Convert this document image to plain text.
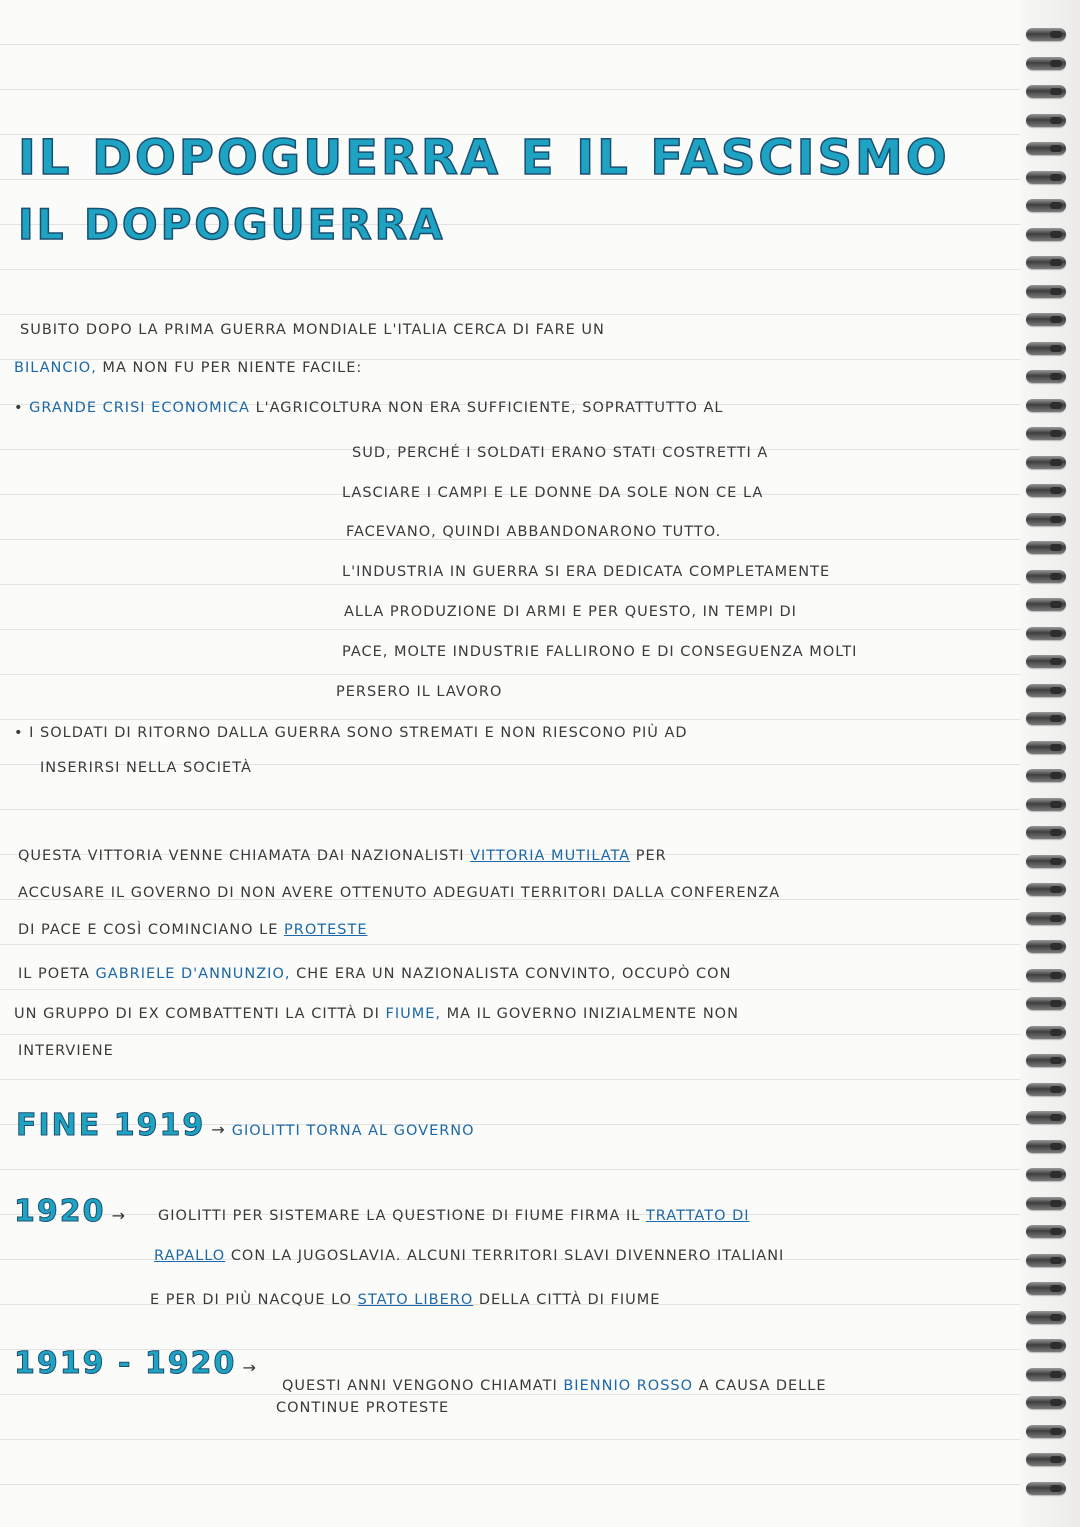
IL DOPOGUERRA E IL FASCISMO
IL DOPOGUERRA

SUBITO DOPO LA PRIMA GUERRA MONDIALE L'ITALIA CERCA DI FARE UN

BILANCIO, MA NON FU PER NIENTE FACILE:

• GRANDE CRISI ECONOMICA L'AGRICOLTURA NON ERA SUFFICIENTE, SOPRATTUTTO AL

SUD, PERCHÉ I SOLDATI ERANO STATI COSTRETTI A

LASCIARE I CAMPI E LE DONNE DA SOLE NON CE LA

FACEVANO, QUINDI ABBANDONARONO TUTTO.

L'INDUSTRIA IN GUERRA SI ERA DEDICATA COMPLETAMENTE

ALLA PRODUZIONE DI ARMI E PER QUESTO, IN TEMPI DI

PACE, MOLTE INDUSTRIE FALLIRONO E DI CONSEGUENZA MOLTI

PERSERO IL LAVORO

• I SOLDATI DI RITORNO DALLA GUERRA SONO STREMATI E NON RIESCONO PIÙ AD

INSERIRSI NELLA SOCIETÀ

QUESTA VITTORIA VENNE CHIAMATA DAI NAZIONALISTI VITTORIA MUTILATA PER

ACCUSARE IL GOVERNO DI NON AVERE OTTENUTO ADEGUATI TERRITORI DALLA CONFERENZA

DI PACE E COSÌ COMINCIANO LE PROTESTE

IL POETA GABRIELE D'ANNUNZIO, CHE ERA UN NAZIONALISTA CONVINTO, OCCUPÒ CON

UN GRUPPO DI EX COMBATTENTI LA CITTÀ DI FIUME, MA IL GOVERNO INIZIALMENTE NON

INTERVIENE

FINE 1919 → GIOLITTI TORNA AL GOVERNO
1920 → GIOLITTI PER SISTEMARE LA QUESTIONE DI FIUME FIRMA IL TRATTATO DI

RAPALLO CON LA JUGOSLAVIA. ALCUNI TERRITORI SLAVI DIVENNERO ITALIANI

E PER DI PIÙ NACQUE LO STATO LIBERO DELLA CITTÀ DI FIUME

1919 - 1920 →

QUESTI ANNI VENGONO CHIAMATI BIENNIO ROSSO A CAUSA DELLE

CONTINUE PROTESTE
